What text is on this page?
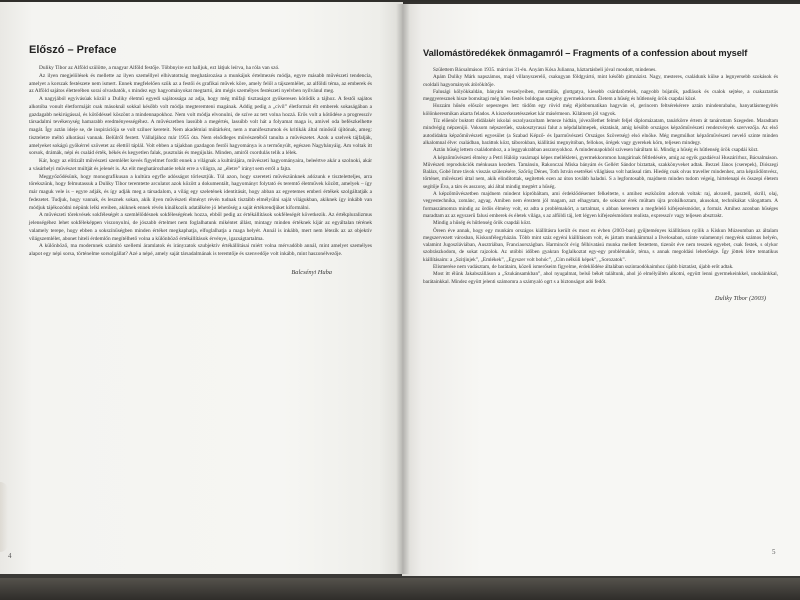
Előszó – Preface

Duliky Tibor az Alföld szülötte, a magyar Alföld festője. Többnyire ezt halljuk, ezt látjuk leírva, ha róla van szó.

Az ilyen megjelölések és mellette az ilyen személlyel elhivatottság meghatározása a munkájuk értelmezés módja, egyre másabb művészeti tendencia, amelyet a korszak festészete nem ismert. Ennek megfelelően szűk az a festői és grafikai művek köre, amely felől a tájszemlélet, az alföldi téma, az emberek és az Alföld sajátos életterében sorai olvashatók, s mindez egy hagyományokat megtartó, ám mégis személyes festészeti nyelvben nyilvánul meg.

A nagyjából egyívásúak közül a Duliky életmű egyedi sajátossága az adja, hogy még műfaji tisztaságot gyökeresen kötődik a tájhoz. A festői sajátos alkotóba vonult életformáját csak másoknál sokkal később volt módja megteremteni magának. Addig pedig a „civil” életformát élt emberek sokaságában a gazdagabb nekirúgással, és kötődéssel köszönt a mindennapokhoz. Nem volt módja elvonulni, de szíve az tett volna hozzá. Erős volt a kötődése a progresszív társadalmi tevékenység hamarabb eredményességéhez. A művészetben lassúbb a megértés, lassúbb volt hát a folyamat maga is, amivel oda befészkelhette magát. Így aztán ideje se, de inspirációja se volt sziluer kereteit. Nem akadémiai műtárként, nem a manifesztumok és kritikák által minősül újítónak, ameg: tiszteletre méltó alkotásai vannak. Belülről festett. Vállaljához már 1955 óta. Nem elsődleges művészetéből tanulta a művészetet. Azok a szelvek tájfalják, amelyeket sokágú gyökérrel szövetet az élettől táplál. Volt ebben a tájakban gazdagon festői hagyománya is a termőnyúlt, egészen Nagybányáig. Am voltak itt sorsok, drámák, népi és család érték, békés és kegyetlen falak, pusztulás és megújulás. Minden, amiről csordulás telik a lélek.

Kár, hogy az elitizált művészeti szemlélet kevés figyelmet fordít ennek a világnak a kultúrájára, művészeti hagyományaira, beleértve akár a szolnoki, akár a vásárhelyi művészet múltját és jelenét is. Az elit meghatározhatóe tehát erre a világra, az „életre” irányt sem erről a fajta.

Meggyőződésünk, hogy monografikusan a kultúra egyfle adósságot törlesztjük. Túl azon, hogy szereteti művészünknek adózunk e tiszteletteljes, arra törekszünk, hogy felmutassuk a Duliky Tibor teremtette arculatot azok között a dokumentált, hagyományt folytató és teremtő életművek között, amelyek – így már maguk vele is – egyre adják, és így adják meg a társadalom, a világ egy szeletének identitását, hogy abban az egyetemes emberi értékek szolgáltatják a fedezetet. Tudjuk, hogy vannak, és lesznek sokan, akik ilyen művészeti élményt révén tudnak tisztább elmélyülni saját világukban, akiknek így inkább van módjuk tájékozódni népünk lelki ereiben, akiknek ennek révén kínálkozik adatálkére jó lehetőség a saját értékrendjüket kiformálni.

A művészeti törekvések sokféleségét a szemlélődésnek sokféleségének hozza, ebből pedig az értékállítások sokféleségét következik. Az értékpluralizmus jelenségéhez lehet sokféleképpen viszonyulni, de jószabb értelmet nem foglalhatunk mikéntet állást, mintagy minden értéknek kijár az egyáltalan térének valamely terepe, hogy ebben a sokszínűségben minden értéket megkaphatja, elfoglalhatja a maga helyét. Annál is inkább, mert nem létezik az az objektív világszemlélet, abonet hiteli érdemlőn megítélhető volna a különböző értékállítások érvénye, igazságtartalma.

A különböző, ma modernnek számító szellemi áramlatok és irányzatok szubjektív értékállításai miért volna mérvadóbb annál, mint amelyet személyes alapot egy népi sorsa, történelme sorsolgállat? Azé a népé, amely saját társadalmának is teremtője és szenvedője volt inkább, mint haszonélvezője.

Balcsényi Huba
Vallomástöredékek önmagamról – Fragments of a confession about myself

Születtem Bácsalmáson 1935. március 31-én. Anyám Kósa Julianna, háztartásbeli jóval mosdott, mindenes.

Apám Duliky Márk napszámos, majd villanyszerelő, csakugyan földgyártó, mint később gimnázist. Nagy, mesteres, családunk külse a legnyersebb szokások és csoldali hagyományok átörökítője.

Falusági kölyökkaldán, bányám veszelyeiben, menttálás, glottgatya, kiesebb csárdatörtelek, nagyobb bújatók, padlások és csalok sejtése, a csakaztartás meggyeresznek hisze bomsítagi még hűen festés boldogan szegény gyermekkorom. Életem a hűség és hűtlenség örök csapdai közé.

Hozzám hűsén először sepesreges lett: tüdőm egy rövid még éljobbomatikan hagyván el, gerincem feltsérekérere aztán mindenrabahu, hanyatlásmegyítés kölönkeresmikan akarta felados. A kiszerkezetésszeket kár másérmeon. Kilátnem jól vagyok.

Tíz előenör buktott didálakét iskolai oszolyaszoltam lemeze hidtán, jóvezőlethet felmét feljel diplomázatam, tanárkörre értem át tanárottam Szegeden. Maradtam mindvégig népzenijö. Voksom népszerűek, szakosztyrasai falut a népdallalmepek, oktatását, amíg később országos képzőművészeti rendezvények szervezőja. Az első autodidakta képzőművészeti egyesület (a Szabad Képző- és Iparművészeti Országos Szövetség) elsó elnöke. Még megmúlkot képzőművészeti nevelő szinte minden alkalomnal élve: családban, baráttok közt, táborokban, kiállítási megnyitóban, fellokos, örégek vagy gyerekek körn, teljesen mindegy.

Aztán hűség lettem családomhoz, a a leggyakrabban asszonyokhoz. A mindennapokból szívesen háráltam ki. Mindig a hűség és hűtlenség örök csapdái közt.

A képzőművészeti élmény a Petri Hálóip vasárnapi képes mellékletei, gyermekkoromon hangárinak féltledésére, amíg az egyik gazdáéval Huszárírhoz, Bácsalmáson. Művészeti reprodukciók ménkusan kezdem. Tamánsin, Rakonczai Miska bányám és Gellért Sándor biztattak, szakkönyveket adtak. Bezzel János (cserepek), Diószegi Balázs, Gobé Imre távok visszás szülezésére, Szőrög Dénes, Toth István esetrékei világlássa volt hatással rám. Hiedég csak olvas traveller mindenhez, arra képződőmvész, történet, művészeti úttal nem, akik elindítottak, segítettek ezen az úton tovább haladni. S a legfontosabb, majdnem minden tudom végeig, hirtelenapi és összepi életem segítője Éva, a társ és asszony, aki által mindig megtért a hűség.

A képzőművészetben majdnem mindent kipróbáltam, ami érdeklődésemet felkeltette, s amihez eszközöm adotvak voltak: raj, akvarell, pasztell, skrill, olaj, vegyestechnika, zománc, agyag. Amiben nem éreztem jól magam, azt elhagytam, de sokszor érek múltam újra probálkoztam, akusokat, technikákat válogattam. A formaszámomra mindig az ördös élmény volt, ez adta a problémakört, a tartalmat, s abban kerestem a megfelelő kifejezésmódot, a formát. Amihez azonban hűséges maradtam az az egyszerű falusi emberek és életek világa, s az alföldi táj, lett légyen kifejezésmódom realista, expresszív vagy teljesen absztrakt.

Mindig a hűség és hűtlenség örök csapdái közt.

Öreen éve annak, hogy egy munkám országos kiállításra került és most ez évben (2003-ban) gyűjteményes kiállításon nyílik a Kiskun Múzeumban az általam megszervezett városban, Kiskunfélegyházán. Több mint száz egyéni kiállításom volt, és jártam munkáimmal a Ilvelosaban, szinte valamennyi megyénk számos helyén, valamint Jugoszláviában, Ausztriában, Franciaországban. Harmincöt évig félhivatású munka mellett festettem, tizenöt éve nem tesszek egyebet, csak festek, s olykor szobrászkodom, de sokat rajzolok. Az utóbbi időben gyakran foglalkoztat egy-egy problémakör, téma, s annak megoldási lehetősége. Így jöttek létre tematikus kiállításaim: a „Szitjinjek”, „Emlékek”, „Egyszer volt bohóc”, „Cím nélküli képek”, „Sorozatok”.

Elismerése nem vadásztam, de barátaim, közeli ismerőseim figyelme, érdeklődése általában sszintaodókaimhoz újabb biztatást, újabb erőt adtak.

Most itt élünk Jakabszálláson a „Szukánsamkban”, ahol nyugalmat, belső békét találtunk, ahol jó elmélyültén alkotni, együtt lenni gyermekeinkkel, unokáinkkal, barátainkkal. Mindez együtt jelenti számomra a számyaló ogrt s a biztonságot adó fedőt.

Duliky Tibor (2003)
4	5
